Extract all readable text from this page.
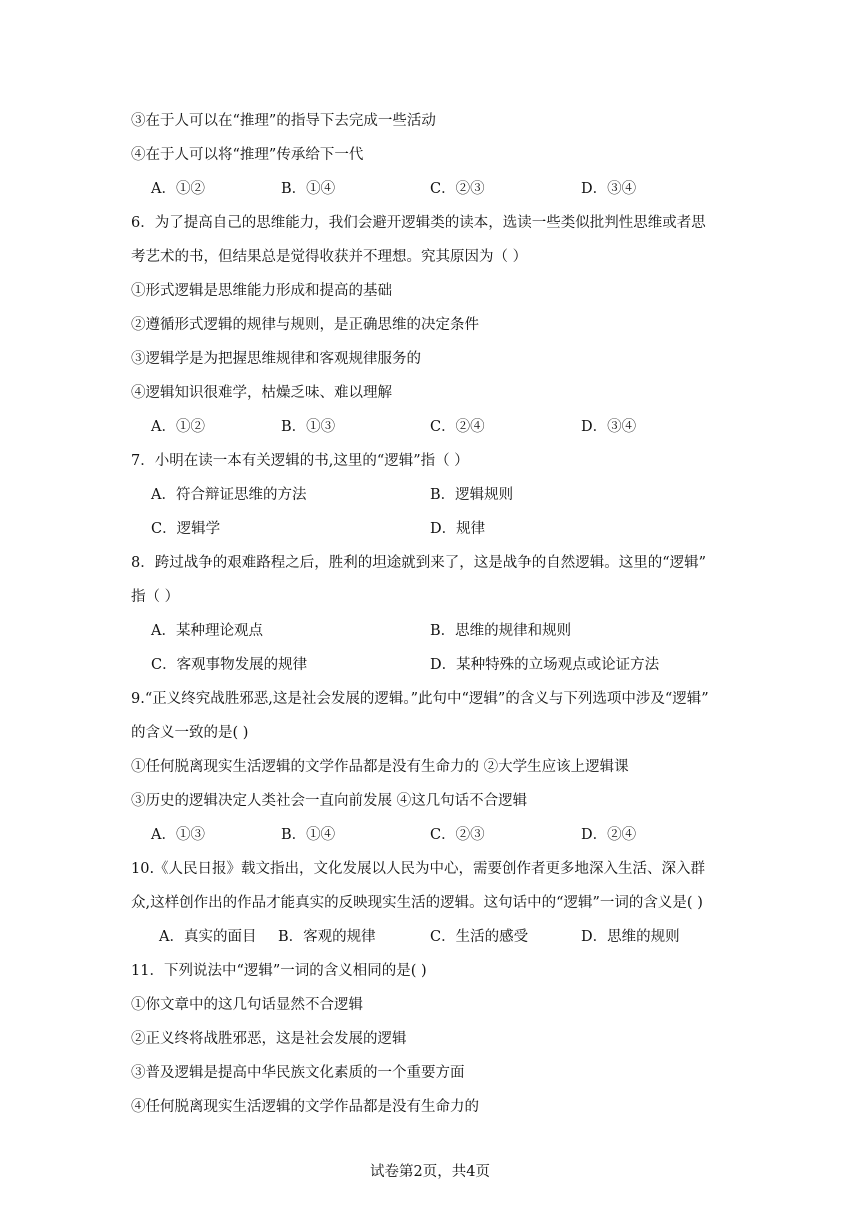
③在于人可以在“推理”的指导下去完成一些活动
④在于人可以将“推理”传承给下一代
A．①②	B．①④	C．②③	D．③④
6．为了提高自己的思维能力，我们会避开逻辑类的读本，选读一些类似批判性思维或者思
考艺术的书，但结果总是觉得收获并不理想。究其原因为（ ）
①形式逻辑是思维能力形成和提高的基础
②遵循形式逻辑的规律与规则，是正确思维的决定条件
③逻辑学是为把握思维规律和客观规律服务的
④逻辑知识很难学，枯燥乏味、难以理解
A．①②	B．①③	C．②④	D．③④
7．小明在读一本有关逻辑的书,这里的“逻辑”指（ ）
A．符合辩证思维的方法	B．逻辑规则
C．逻辑学	D．规律
8．跨过战争的艰难路程之后，胜利的坦途就到来了，这是战争的自然逻辑。这里的“逻辑”
指（ ）
A．某种理论观点	B．思维的规律和规则
C．客观事物发展的规律	D．某种特殊的立场观点或论证方法
9.“正义终究战胜邪恶,这是社会发展的逻辑。”此句中“逻辑”的含义与下列选项中涉及“逻辑”
的含义一致的是( )
①任何脱离现实生活逻辑的文学作品都是没有生命力的 ②大学生应该上逻辑课
③历史的逻辑决定人类社会一直向前发展 ④这几句话不合逻辑
A．①③	B．①④	C．②③	D．②④
10.《人民日报》载文指出，文化发展以人民为中心，需要创作者更多地深入生活、深入群
众,这样创作出的作品才能真实的反映现实生活的逻辑。这句话中的“逻辑”一词的含义是( )
A．真实的面目 B．客观的规律	C．生活的感受	D．思维的规则
11．下列说法中“逻辑”一词的含义相同的是( )
①你文章中的这几句话显然不合逻辑
②正义终将战胜邪恶，这是社会发展的逻辑
③普及逻辑是提高中华民族文化素质的一个重要方面
④任何脱离现实生活逻辑的文学作品都是没有生命力的
试卷第2页，共4页
